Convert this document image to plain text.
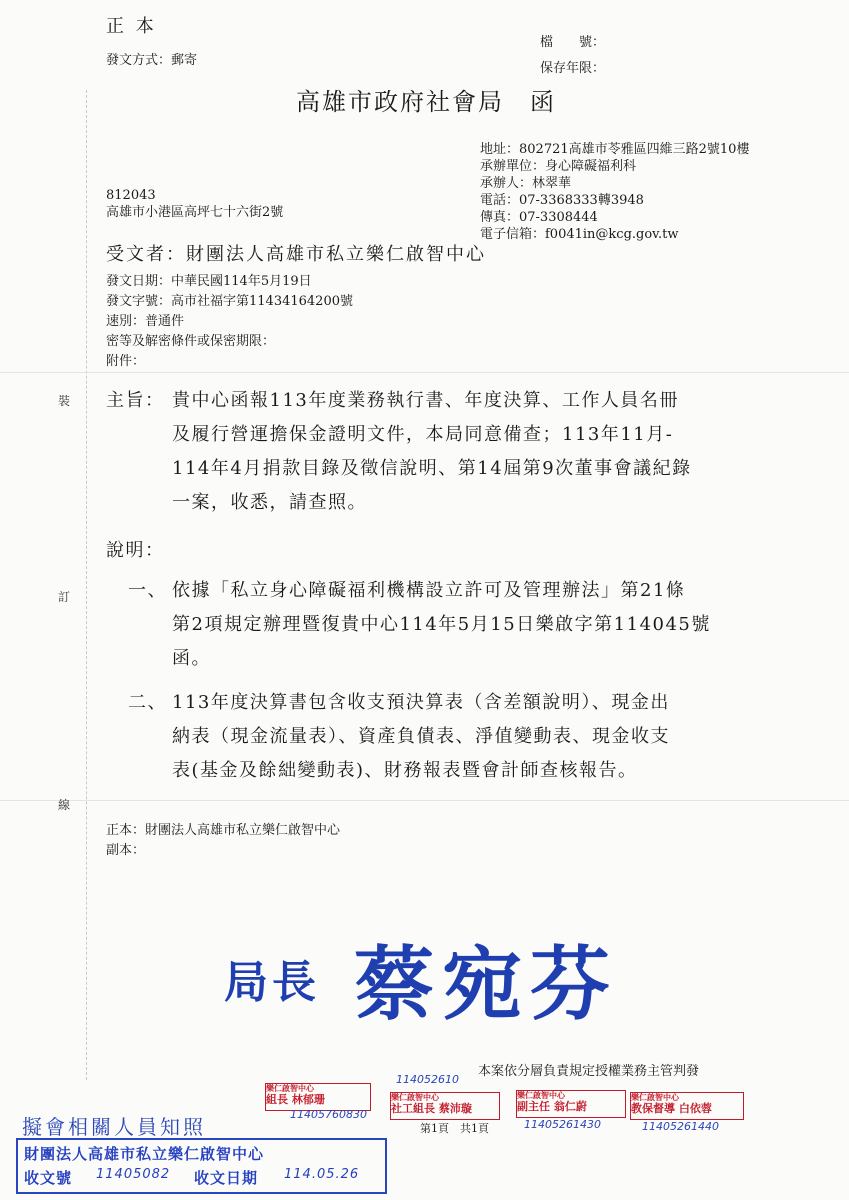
裝
訂
線
正 本
發文方式：郵寄
檔　　號：
保存年限：
高雄市政府社會局　函
地址：802721高雄市苓雅區四維三路2號10樓
承辦單位：身心障礙福利科
承辦人：林翠華
電話：07-3368333轉3948
傳真：07-3308444
電子信箱：f0041in@kcg.gov.tw
812043
高雄市小港區高坪七十六街2號
受文者：財團法人高雄市私立樂仁啟智中心
發文日期：中華民國114年5月19日
發文字號：高市社福字第11434164200號
速別：普通件
密等及解密條件或保密期限：
附件：
主旨： 貴中心函報113年度業務執行書、年度決算、工作人員名冊
及履行營運擔保金證明文件，本局同意備查；113年11月-
114年4月捐款目錄及徵信說明、第14屆第9次董事會議紀錄
一案，收悉，請查照。
說明：
一、 依據「私立身心障礙福利機構設立許可及管理辦法」第21條
第2項規定辦理暨復貴中心114年5月15日樂啟字第114045號
函。
二、 113年度決算書包含收支預決算表（含差額說明）、現金出
納表（現金流量表）、資產負債表、淨值變動表、現金收支
表(基金及餘絀變動表)、財務報表暨會計師查核報告。
正本：財團法人高雄市私立樂仁啟智中心
副本：
局長 蔡宛芬
本案依分層負責規定授權業務主管判發
第1頁　共1頁
樂仁啟智中心
組長 林郁珊
11405760830
樂仁啟智中心
社工組長 蔡沛璇
114052610
樂仁啟智中心
副主任 翁仁蔚
11405261430
樂仁啟智中心
教保督導 白依蓉
11405261440
擬會相關人員知照
財團法人高雄市私立樂仁啟智中心
收文號 11405082 收文日期 114.05.26
